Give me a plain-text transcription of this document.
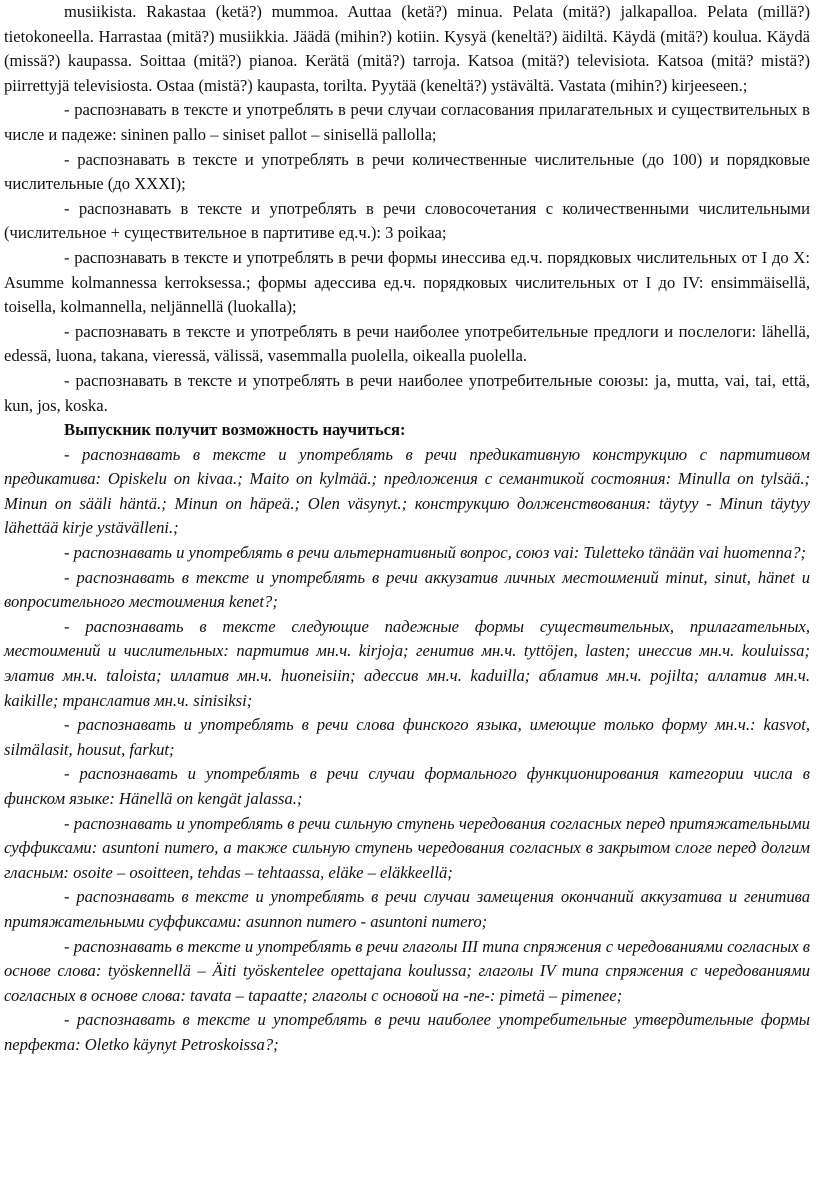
musiikista. Rakastaa (ketä?) mummoa. Auttaa (ketä?) minua. Pelata (mitä?) jalkapalloa. Pelata (millä?) tietokoneella. Harrastaa (mitä?) musiikkia. Jäädä (mihin?) kotiin. Kysyä (keneltä?) äidiltä. Käydä (mitä?) koulua. Käydä (missä?) kaupassa. Soittaa (mitä?) pianoa. Kerätä (mitä?) tarroja. Katsoa (mitä?) televisiota. Katsoa (mitä? mistä?) piirrettyjä televisiosta. Ostaa (mistä?) kaupasta, torilta. Pyytää (keneltä?) ystävältä. Vastata (mihin?) kirjeeseen.;

- распознавать в тексте и употреблять в речи случаи согласования прилагательных и существительных в числе и падеже: sininen pallo – siniset pallot – sinisellä pallolla;

- распознавать в тексте и употреблять в речи количественные числительные (до 100) и порядковые числительные (до XXXI);

- распознавать в тексте и употреблять в речи словосочетания с количественными числительными (числительное + существительное в партитиве ед.ч.): 3 poikaa;

- распознавать в тексте и употреблять в речи формы инессива ед.ч. порядковых числительных от I до X: Asumme kolmannessa kerroksessa.; формы адессива ед.ч. порядковых числительных от I до IV: ensimmäisellä, toisella, kolmannella, neljännellä (luokalla);

- распознавать в тексте и употреблять в речи наиболее употребительные предлоги и послелоги: lähellä, edessä, luona, takana, vieressä, välissä, vasemmalla puolella, oikealla puolella.

- распознавать в тексте и употреблять в речи наиболее употребительные союзы: ja, mutta, vai, tai, että, kun, jos, koska.

Выпускник получит возможность научиться:

- распознавать в тексте и употреблять в речи предикативную конструкцию с партитивом предикатива: Opiskelu on kivaa.; Maito on kylmää.; предложения с семантикой состояния: Minulla on tylsää.; Minun on sääli häntä.; Minun on häpeä.; Olen väsynyt.; конструкцию долженствования: täytyy - Minun täytyy lähettää kirje ystävälleni.;

- распознавать и употреблять в речи альтернативный вопрос, союз vai: Tuletteko tänään vai huomenna?;

- распознавать в тексте и употреблять в речи аккузатив личных местоимений minut, sinut, hänet и вопросительного местоимения kenet?;

- распознавать в тексте следующие падежные формы существительных, прилагательных, местоимений и числительных: партитив мн.ч. kirjoja; генитив мн.ч. tyttöjen, lasten; инессив мн.ч. kouluissa; элатив мн.ч. taloista; иллатив мн.ч. huoneisiin; адессив мн.ч. kaduilla; аблатив мн.ч. pojilta; аллатив мн.ч. kaikille; транслатив мн.ч. sinisiksi;

- распознавать и употреблять в речи слова финского языка, имеющие только форму мн.ч.: kasvot, silmälasit, housut, farkut;

- распознавать и употреблять в речи случаи формального функционирования категории числа в финском языке: Hänellä on kengät jalassa.;

- распознавать и употреблять в речи сильную ступень чередования согласных перед притяжательными суффиксами: asuntoni numero, а также сильную ступень чередования согласных в закрытом слоге перед долгим гласным: osoite – osoitteen, tehdas – tehtaassa, eläke – eläkkeellä;

- распознавать в тексте и употреблять в речи случаи замещения окончаний аккузатива и генитива притяжательными суффиксами: asunnon numero - asuntoni numero;

- распознавать в тексте и употреблять в речи глаголы III типа спряжения с чередованиями согласных в основе слова: työskennellä – Äiti työskentelee opettajana koulussa; глаголы IV типа спряжения с чередованиями согласных в основе слова: tavata – tapaatte; глаголы с основой на -ne-: pimetä – pimenee;

- распознавать в тексте и употреблять в речи наиболее употребительные утвердительные формы перфекта: Oletko käynyt Petroskoissa?;
